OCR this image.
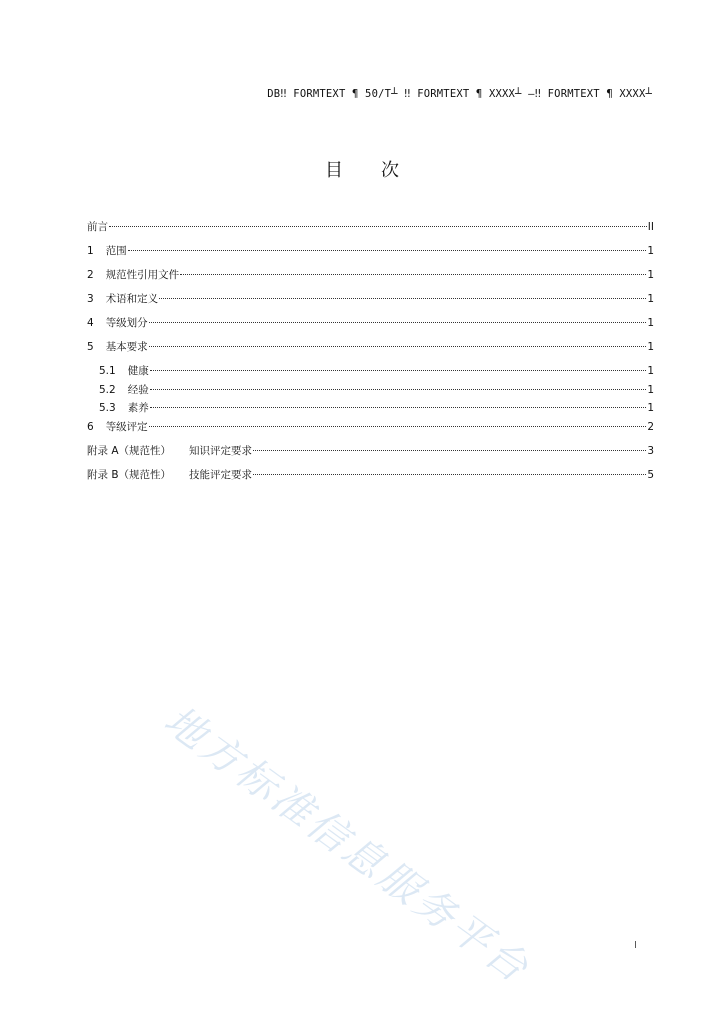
DB‼ FORMTEXT ¶ 50/T┴ ‼ FORMTEXT ¶ XXXX┴ —‼ FORMTEXT ¶ XXXX┴
目次
前言	II
1 范围	1
2 规范性引用文件	1
3 术语和定义	1
4 等级划分	1
5 基本要求	1
5.1 健康	1
5.2 经验	1
5.3 素养	1
6 等级评定	2
附录 A（规范性） 知识评定要求	3
附录 B（规范性） 技能评定要求	5
地方标准信息服务平台	I
